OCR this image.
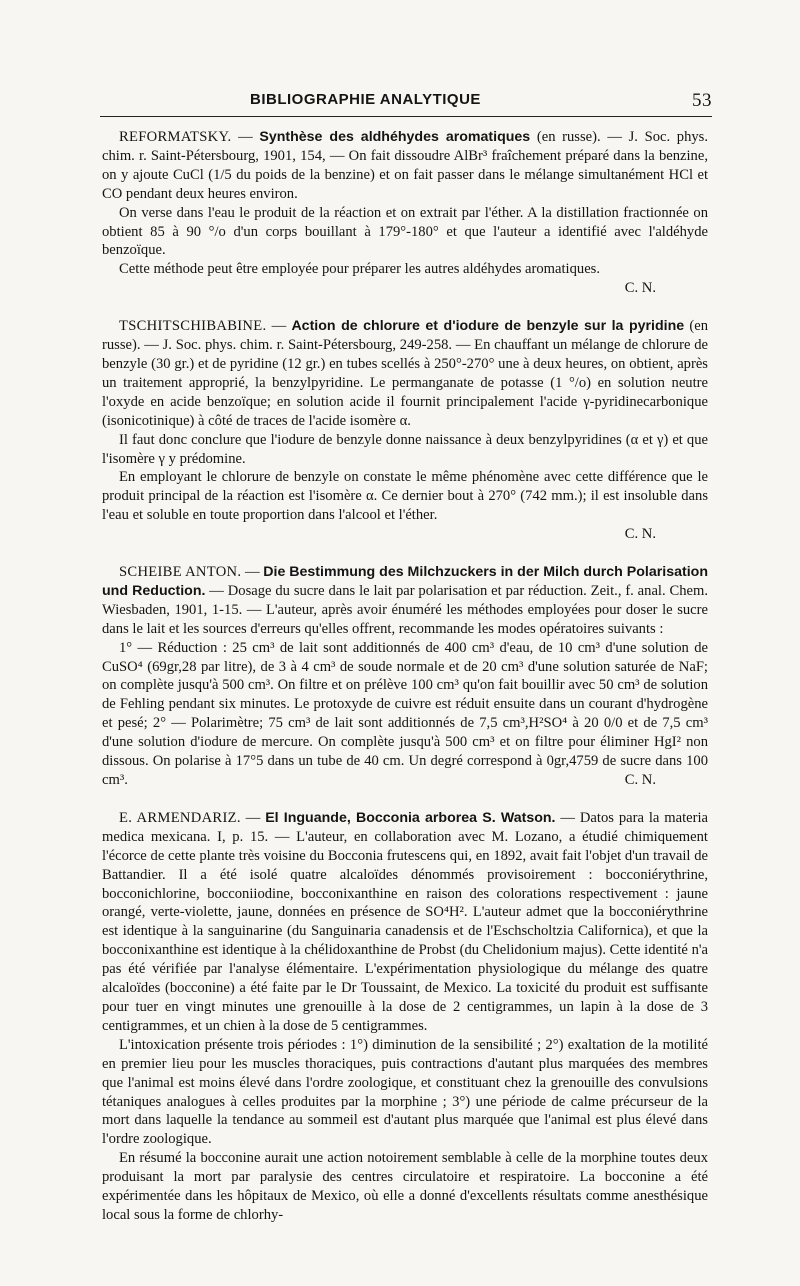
BIBLIOGRAPHIE ANALYTIQUE	53

REFORMATSKY. — Synthèse des aldhéhydes aromatiques (en russe). — J. Soc. phys. chim. r. Saint-Pétersbourg, 1901, 154, — On fait dissoudre AlBr³ fraîchement préparé dans la benzine, on y ajoute CuCl (1/5 du poids de la benzine) et on fait passer dans le mélange simultanément HCl et CO pendant deux heures environ.

On verse dans l'eau le produit de la réaction et on extrait par l'éther. A la distillation fractionnée on obtient 85 à 90 °/o d'un corps bouillant à 179°-180° et que l'auteur a identifié avec l'aldéhyde benzoïque.

Cette méthode peut être employée pour préparer les autres aldéhydes aromatiques.

C. N.

TSCHITSCHIBABINE. — Action de chlorure et d'iodure de benzyle sur la pyridine (en russe). — J. Soc. phys. chim. r. Saint-Pétersbourg, 249-258. — En chauffant un mélange de chlorure de benzyle (30 gr.) et de pyridine (12 gr.) en tubes scellés à 250°-270° une à deux heures, on obtient, après un traitement approprié, la benzylpyridine. Le permanganate de potasse (1 °/o) en solution neutre l'oxyde en acide benzoïque; en solution acide il fournit principalement l'acide γ-pyridinecarbonique (isonicotinique) à côté de traces de l'acide isomère α.

Il faut donc conclure que l'iodure de benzyle donne naissance à deux benzylpyridines (α et γ) et que l'isomère γ y prédomine.

En employant le chlorure de benzyle on constate le même phénomène avec cette différence que le produit principal de la réaction est l'isomère α. Ce dernier bout à 270° (742 mm.); il est insoluble dans l'eau et soluble en toute proportion dans l'alcool et l'éther.

C. N.

SCHEIBE ANTON. — Die Bestimmung des Milchzuckers in der Milch durch Polarisation und Reduction. — Dosage du sucre dans le lait par polarisation et par réduction. Zeit., f. anal. Chem. Wiesbaden, 1901, 1-15. — L'auteur, après avoir énuméré les méthodes employées pour doser le sucre dans le lait et les sources d'erreurs qu'elles offrent, recommande les modes opératoires suivants :

1° — Réduction : 25 cm³ de lait sont additionnés de 400 cm³ d'eau, de 10 cm³ d'une solution de CuSO⁴ (69gr,28 par litre), de 3 à 4 cm³ de soude normale et de 20 cm³ d'une solution saturée de NaF; on complète jusqu'à 500 cm³. On filtre et on prélève 100 cm³ qu'on fait bouillir avec 50 cm³ de solution de Fehling pendant six minutes. Le protoxyde de cuivre est réduit ensuite dans un courant d'hydrogène et pesé; 2° — Polarimètre; 75 cm³ de lait sont additionnés de 7,5 cm³,H²SO⁴ à 20 0/0 et de 7,5 cm³ d'une solution d'iodure de mercure. On complète jusqu'à 500 cm³ et on filtre pour éliminer HgI² non dissous. On polarise à 17°5 dans un tube de 40 cm. Un degré correspond à 0gr,4759 de sucre dans 100 cm³.	C. N.

E. ARMENDARIZ. — El Inguande, Bocconia arborea S. Watson. — Datos para la materia medica mexicana. I, p. 15. — L'auteur, en collaboration avec M. Lozano, a étudié chimiquement l'écorce de cette plante très voisine du Bocconia frutescens qui, en 1892, avait fait l'objet d'un travail de Battandier. Il a été isolé quatre alcaloïdes dénommés provisoirement : bocconiérythrine, bocconichlorine, bocconiiodine, bocconixanthine en raison des colorations respectivement : jaune orangé, verte-violette, jaune, données en présence de SO⁴H². L'auteur admet que la bocconiérythrine est identique à la sanguinarine (du Sanguinaria canadensis et de l'Eschscholtzia Californica), et que la bocconixanthine est identique à la chélidoxanthine de Probst (du Chelidonium majus). Cette identité n'a pas été vérifiée par l'analyse élémentaire. L'expérimentation physiologique du mélange des quatre alcaloïdes (bocconine) a été faite par le Dr Toussaint, de Mexico. La toxicité du produit est suffisante pour tuer en vingt minutes une grenouille à la dose de 2 centigrammes, un lapin à la dose de 3 centigrammes, et un chien à la dose de 5 centigrammes.

L'intoxication présente trois périodes : 1°) diminution de la sensibilité ; 2°) exaltation de la motilité en premier lieu pour les muscles thoraciques, puis contractions d'autant plus marquées des membres que l'animal est moins élevé dans l'ordre zoologique, et constituant chez la grenouille des convulsions tétaniques analogues à celles produites par la morphine ; 3°) une période de calme précurseur de la mort dans laquelle la tendance au sommeil est d'autant plus marquée que l'animal est plus élevé dans l'ordre zoologique.

En résumé la bocconine aurait une action notoirement semblable à celle de la morphine toutes deux produisant la mort par paralysie des centres circulatoire et respiratoire. La bocconine a été expérimentée dans les hôpitaux de Mexico, où elle a donné d'excellents résultats comme anesthésique local sous la forme de chlorhy-
